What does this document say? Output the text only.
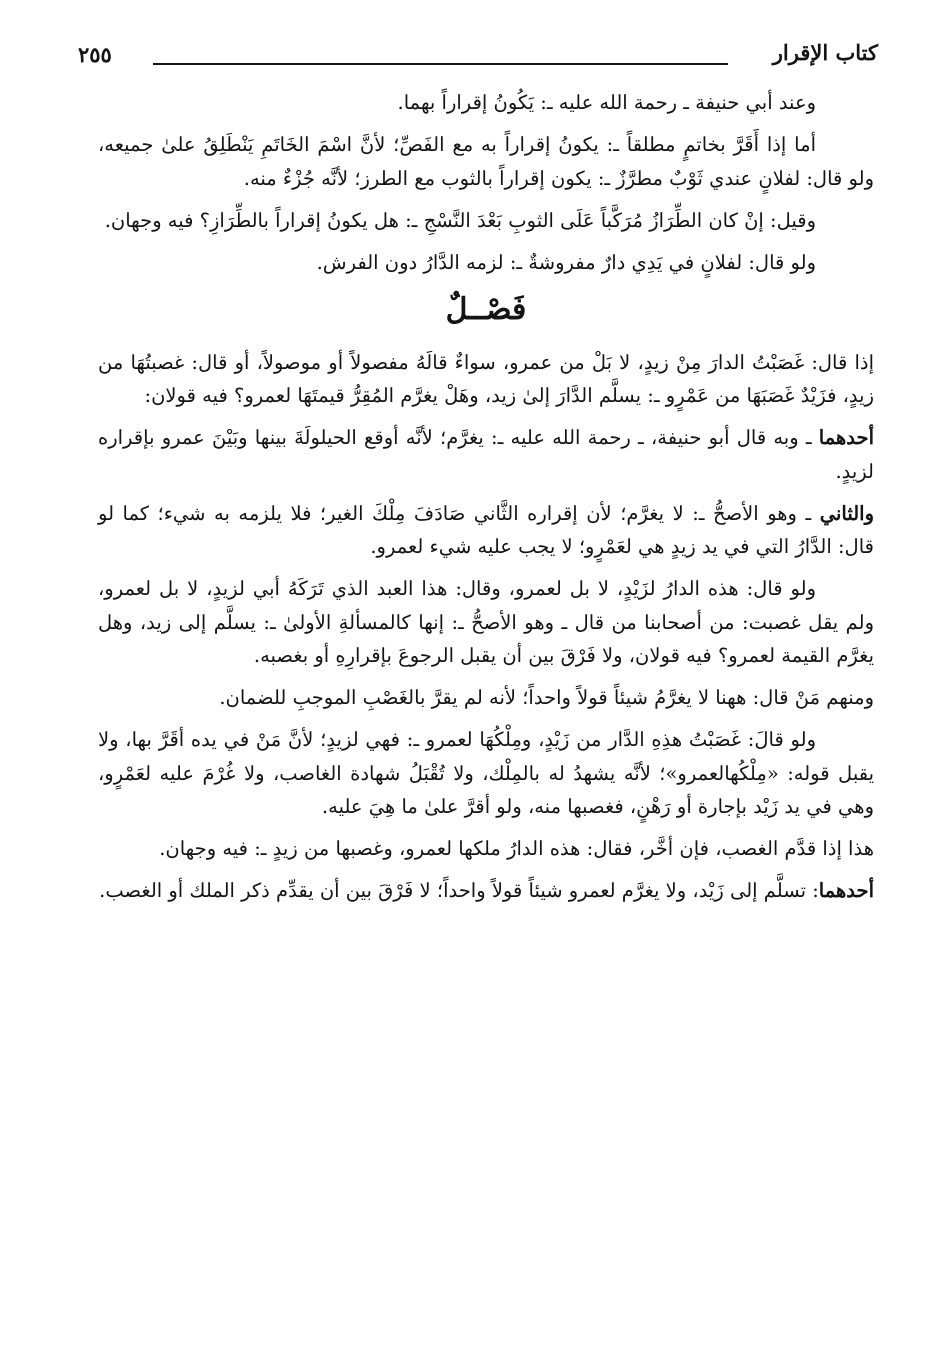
كتاب الإقرار
٢٥٥

وعند أبي حنيفة ـ رحمة الله عليه ـ: يَكُونُ إقراراً بهما.

أما إذا أَقَرَّ بخاتمٍ مطلقاً ـ: يكونُ إقراراً به مع الفَصِّ؛ لأنَّ اسْمَ الخَاتَمِ يَنْطَلِقُ علىٰ جميعه، ولو قال: لفلانٍ عندي ثَوْبٌ مطرَّزٌ ـ: يكون إقراراً بالثوب مع الطرز؛ لأنَّه جُزْءٌ منه.

وقيل: إنْ كان الطِّرَازُ مُرَكَّباً عَلَى الثوبِ بَعْدَ النَّسْجِ ـ: هل يكونُ إقراراً بالطِّرَازِ؟ فيه وجهان.

ولو قال: لفلانٍ في يَدِي دارٌ مفروشةٌ ـ: لزمه الدَّارُ دون الفرش.

فَصْــلٌ

إذا قال: غَصَبْتُ الدارَ مِنْ زيدٍ، لا بَلْ من عمرو، سواءٌ قالَهُ مفصولاً أو موصولاً، أو قال: غصبتُهَا من زيدٍ، فزَيْدٌ غَصَبَهَا من عَمْرٍو ـ: يسلَّم الدَّارَ إلىٰ زيد، وهَلْ يغرَّم المُقِرُّ قيمتَهَا لعمرو؟ فيه قولان:

أحدهما ـ وبه قال أبو حنيفة، ـ رحمة الله عليه ـ: يغرَّم؛ لأنَّه أوقع الحيلولَةَ بينها وبَيْنَ عمرو بإقراره لزيدٍ.

والثاني ـ وهو الأصحُّ ـ: لا يغرَّم؛ لأن إقراره الثَّاني صَادَفَ مِلْكَ الغير؛ فلا يلزمه به شيء؛ كما لو قال: الدَّارُ التي في يد زيدٍ هي لعَمْرٍو؛ لا يجب عليه شيء لعمرو.

ولو قال: هذه الدارُ لزَيْدٍ، لا بل لعمرو، وقال: هذا العبد الذي تَرَكَهُ أبي لزيدٍ، لا بل لعمرو، ولم يقل غصبت: من أصحابنا من قال ـ وهو الأصحُّ ـ: إنها كالمسألةِ الأولىٰ ـ: يسلَّم إلى زيد، وهل يغرَّم القيمة لعمرو؟ فيه قولان، ولا فَرْقَ بين أن يقبل الرجوعَ بإقرارِهِ أو بغصبه.

ومنهم مَنْ قال: ههنا لا يغرَّمُ شيئاً قولاً واحداً؛ لأنه لم يقرَّ بالغَصْبِ الموجبِ للضمان.

ولو قالَ: غَصَبْتُ هذِهِ الدَّار من زَيْدٍ، ومِلْكُهَا لعمرو ـ: فهي لزيدٍ؛ لأنَّ مَنْ في يده أقَرَّ بها، ولا يقبل قوله: «مِلْكُهالعمرو»؛ لأنَّه يشهدُ له بالمِلْك، ولا تُقْبَلُ شهادة الغاصب، ولا غُرْمَ عليه لعَمْرٍو، وهي في يد زَيْد بإجارة أو رَهْنٍ، فغصبها منه، ولو أقرَّ علىٰ ما هِيَ عليه.

هذا إذا قدَّم الغصب، فإن أخَّر، فقال: هذه الدارُ ملكها لعمرو، وغصبها من زيدٍ ـ: فيه وجهان.

أحدهما: تسلَّم إلى زَيْد، ولا يغرَّم لعمرو شيئاً قولاً واحداً؛ لا فَرْقَ بين أن يقدِّم ذكر الملك أو الغصب.
